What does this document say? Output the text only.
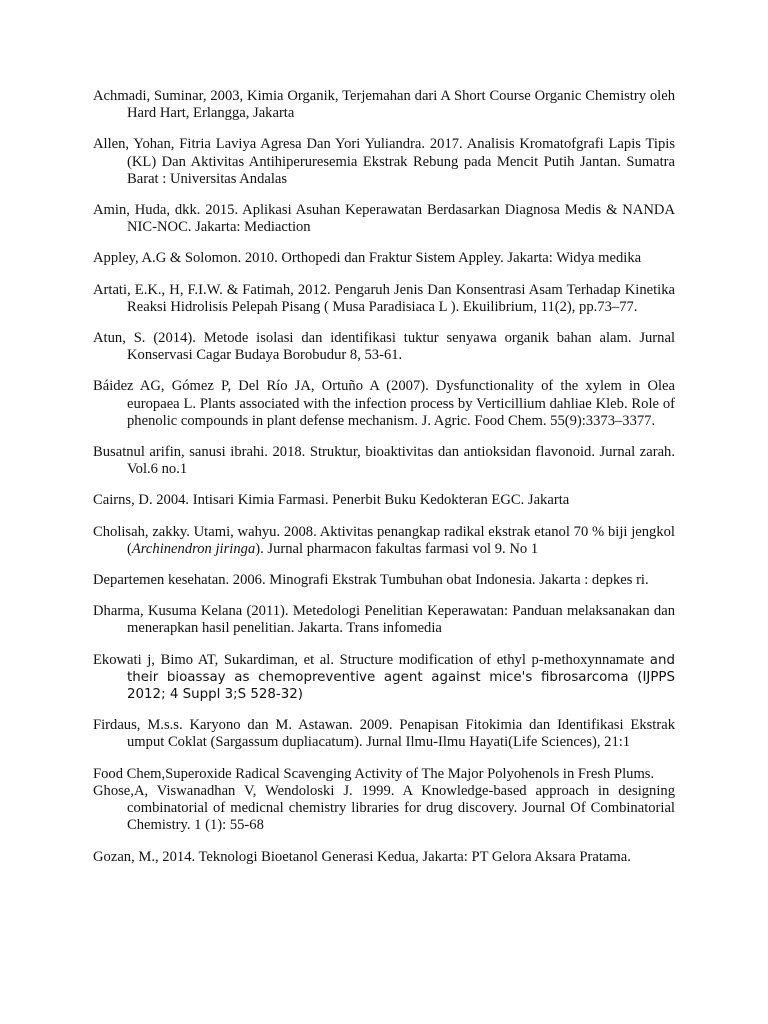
Achmadi, Suminar, 2003, Kimia Organik, Terjemahan dari A Short Course Organic Chemistry oleh Hard Hart, Erlangga, Jakarta
Allen, Yohan, Fitria Laviya Agresa Dan Yori Yuliandra. 2017. Analisis Kromatofgrafi Lapis Tipis (KL) Dan Aktivitas Antihiperuresemia Ekstrak Rebung pada Mencit Putih Jantan. Sumatra Barat : Universitas Andalas
Amin, Huda, dkk. 2015. Aplikasi Asuhan Keperawatan Berdasarkan Diagnosa Medis & NANDA NIC-NOC. Jakarta: Mediaction
Appley, A.G & Solomon. 2010. Orthopedi dan Fraktur Sistem Appley. Jakarta: Widya medika
Artati, E.K., H, F.I.W. & Fatimah, 2012. Pengaruh Jenis Dan Konsentrasi Asam Terhadap Kinetika Reaksi Hidrolisis Pelepah Pisang ( Musa Paradisiaca L ). Ekuilibrium, 11(2), pp.73–77.
Atun, S. (2014). Metode isolasi dan identifikasi tuktur senyawa organik bahan alam. Jurnal Konservasi Cagar Budaya Borobudur 8, 53-61.
Báidez AG, Gómez P, Del Río JA, Ortuño A (2007). Dysfunctionality of the xylem in Olea europaea L. Plants associated with the infection process by Verticillium dahliae Kleb. Role of phenolic compounds in plant defense mechanism. J. Agric. Food Chem. 55(9):3373–3377.
Busatnul arifin, sanusi ibrahi. 2018. Struktur, bioaktivitas dan antioksidan flavonoid. Jurnal zarah. Vol.6 no.1
Cairns, D. 2004. Intisari Kimia Farmasi. Penerbit Buku Kedokteran EGC. Jakarta
Cholisah, zakky. Utami, wahyu. 2008. Aktivitas penangkap radikal ekstrak etanol 70 % biji jengkol (Archinendron jiringa). Jurnal pharmacon fakultas farmasi vol 9. No 1
Departemen kesehatan. 2006. Minografi Ekstrak Tumbuhan obat Indonesia. Jakarta : depkes ri.
Dharma, Kusuma Kelana (2011). Metedologi Penelitian Keperawatan: Panduan melaksanakan dan menerapkan hasil penelitian. Jakarta. Trans infomedia
Ekowati j, Bimo AT, Sukardiman, et al. Structure modification of ethyl p-methoxynnamate and their bioassay as chemopreventive agent against mice's fibrosarcoma (IJPPS 2012; 4 Suppl 3;S 528-32)
Firdaus, M.s.s. Karyono dan M. Astawan. 2009. Penapisan Fitokimia dan Identifikasi Ekstrak umput Coklat (Sargassum dupliacatum). Jurnal Ilmu-Ilmu Hayati(Life Sciences), 21:1
Food Chem,Superoxide Radical Scavenging Activity of The Major Polyohenols in Fresh Plums.
Ghose,A, Viswanadhan V, Wendoloski J. 1999. A Knowledge-based approach in designing combinatorial of medicnal chemistry libraries for drug discovery. Journal Of Combinatorial Chemistry. 1 (1): 55-68
Gozan, M., 2014. Teknologi Bioetanol Generasi Kedua, Jakarta: PT Gelora Aksara Pratama.
